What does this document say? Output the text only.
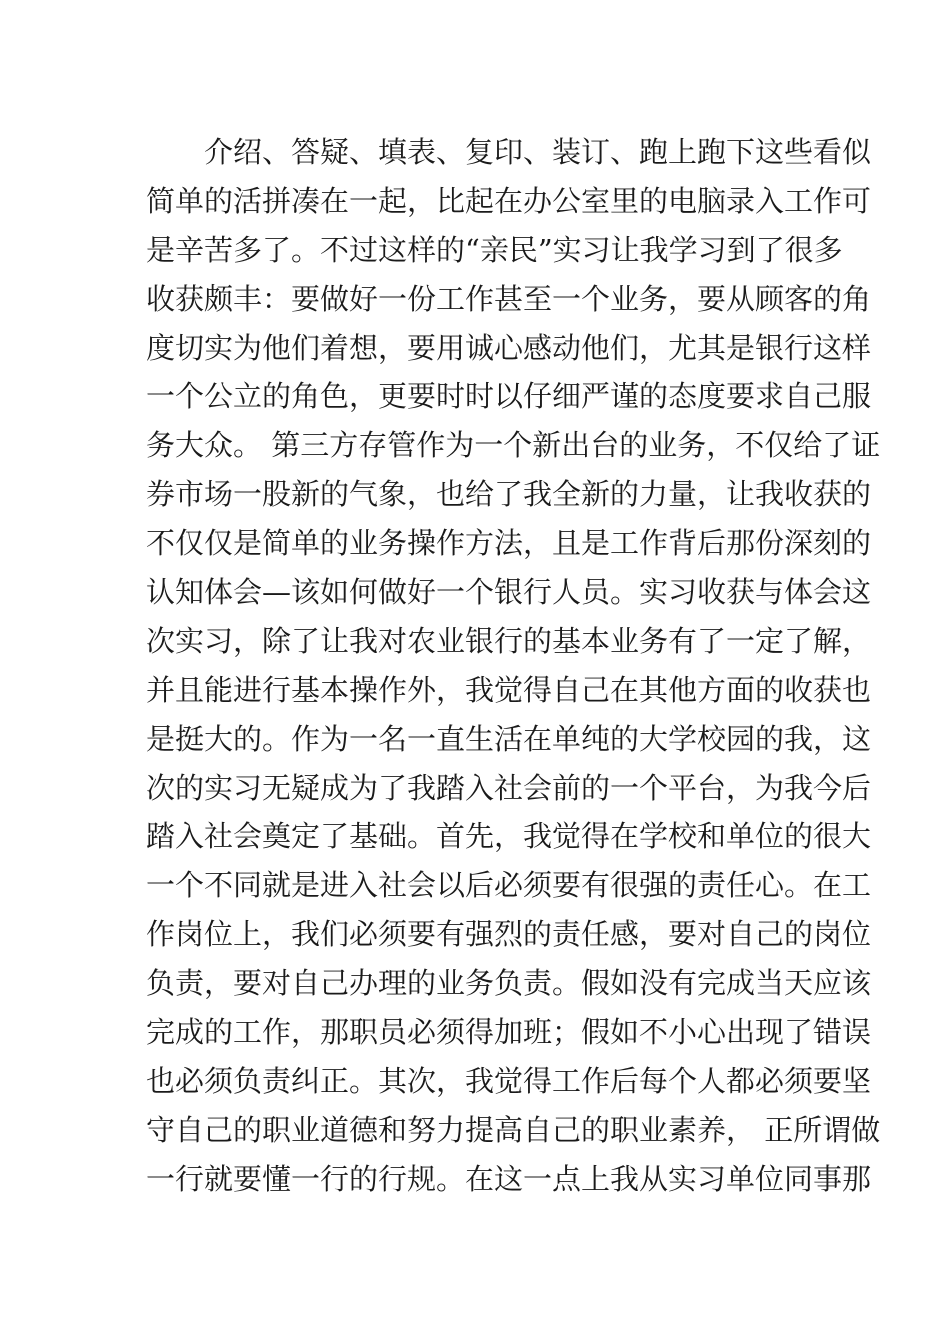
　　介绍、答疑、填表、复印、装订、跑上跑下这些看似
简单的活拼凑在一起，比起在办公室里的电脑录入工作可
是辛苦多了。不过这样的“亲民”实习让我学习到了很多
收获颇丰：要做好一份工作甚至一个业务，要从顾客的角
度切实为他们着想，要用诚心感动他们，尤其是银行这样
一个公立的角色，更要时时以仔细严谨的态度要求自己服
务大众。 第三方存管作为一个新出台的业务，不仅给了证
券市场一股新的气象，也给了我全新的力量，让我收获的
不仅仅是简单的业务操作方法，且是工作背后那份深刻的
认知体会—该如何做好一个银行人员。实习收获与体会这
次实习，除了让我对农业银行的基本业务有了一定了解，
并且能进行基本操作外，我觉得自己在其他方面的收获也
是挺大的。作为一名一直生活在单纯的大学校园的我，这
次的实习无疑成为了我踏入社会前的一个平台，为我今后
踏入社会奠定了基础。首先，我觉得在学校和单位的很大
一个不同就是进入社会以后必须要有很强的责任心。在工
作岗位上，我们必须要有强烈的责任感，要对自己的岗位
负责，要对自己办理的业务负责。假如没有完成当天应该
完成的工作，那职员必须得加班；假如不小心出现了错误
也必须负责纠正。其次，我觉得工作后每个人都必须要坚
守自己的职业道德和努力提高自己的职业素养， 正所谓做
一行就要懂一行的行规。在这一点上我从实习单位同事那
